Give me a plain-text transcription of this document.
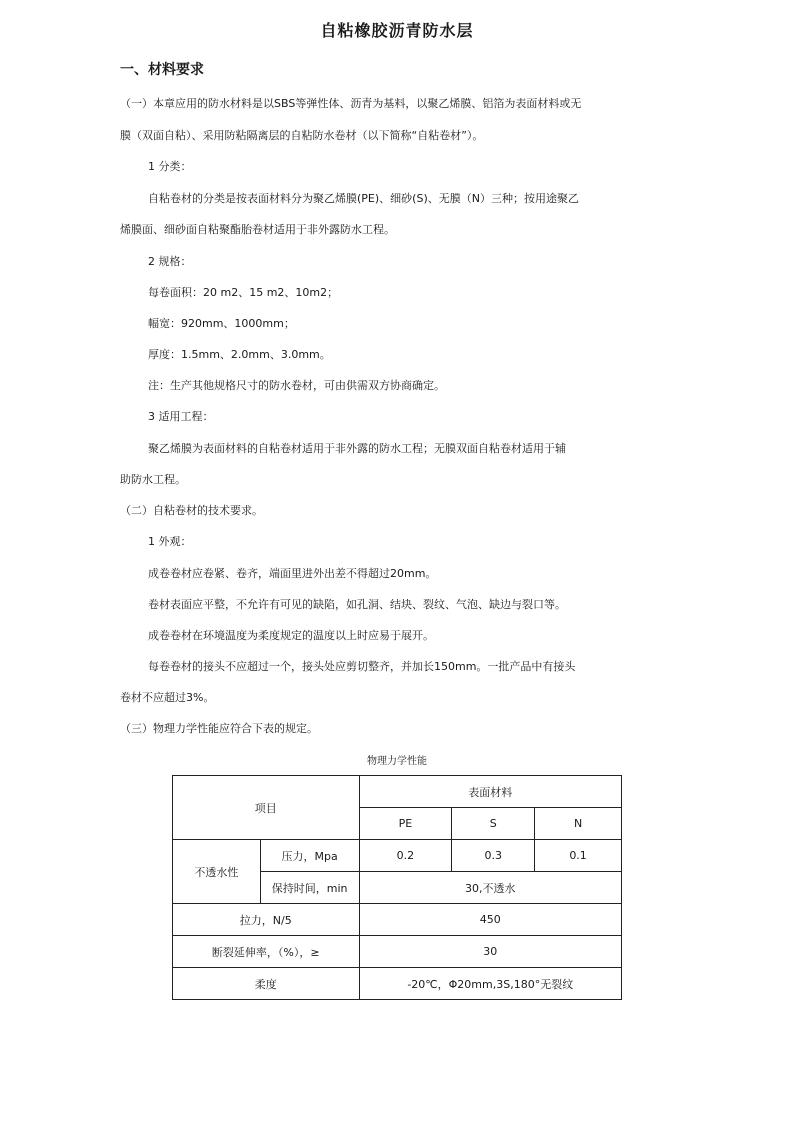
自粘橡胶沥青防水层
一、材料要求
（一）本章应用的防水材料是以SBS等弹性体、沥青为基料，以聚乙烯膜、铝箔为表面材料或无
膜（双面自粘）、采用防粘隔离层的自粘防水卷材（以下简称“自粘卷材”）。
1 分类：
自粘卷材的分类是按表面材料分为聚乙烯膜(PE)、细砂(S)、无膜（N）三种；按用途聚乙
烯膜面、细砂面自粘聚酯胎卷材适用于非外露防水工程。
2 规格：
每卷面积：20 m2、15 m2、10m2；
幅宽：920mm、1000mm；
厚度：1.5mm、2.0mm、3.0mm。
注：生产其他规格尺寸的防水卷材，可由供需双方协商确定。
3 适用工程：
聚乙烯膜为表面材料的自粘卷材适用于非外露的防水工程；无膜双面自粘卷材适用于辅
助防水工程。
（二）自粘卷材的技术要求。
1 外观：
成卷卷材应卷紧、卷齐，端面里进外出差不得超过20mm。
卷材表面应平整，不允许有可见的缺陷，如孔洞、结块、裂纹、气泡、缺边与裂口等。
成卷卷材在环境温度为柔度规定的温度以上时应易于展开。
每卷卷材的接头不应超过一个，接头处应剪切整齐，并加长150mm。一批产品中有接头
卷材不应超过3%。
（三）物理力学性能应符合下表的规定。
物理力学性能
项目		表面材料		
		PE	S	N
不透水性	压力，Mpa	0.2	0.3	0.1
	保持时间，min	30,不透水		
拉力，N/5		450		
断裂延伸率，（%），≥		30		
柔度		-20℃，Φ20mm,3S,180°无裂纹		
